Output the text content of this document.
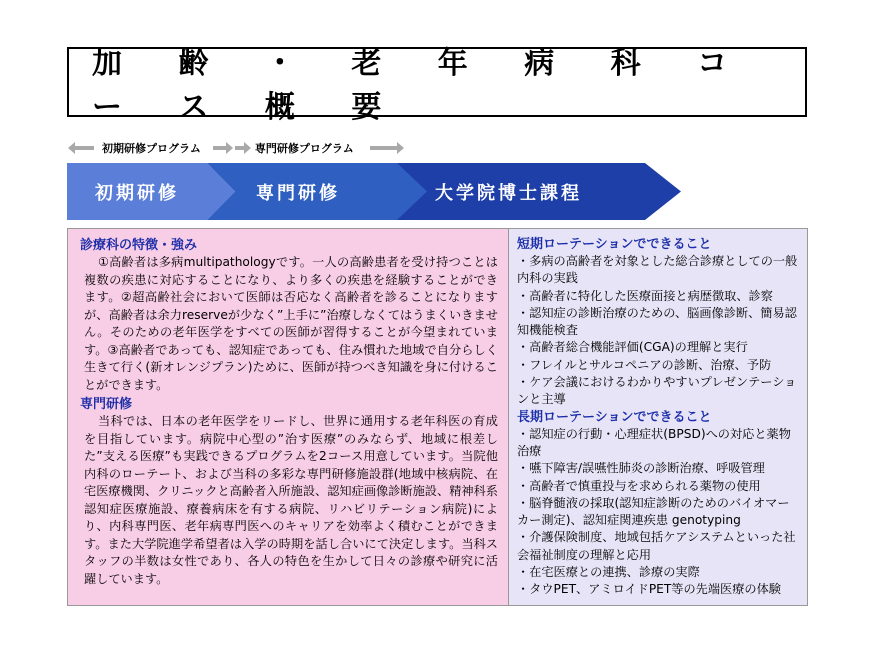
加 齢 ・ 老 年 病 科 コ ー ス 概 要
初期研修プログラム	専門研修プログラム
初期研修	専門研修	大学院博士課程
診療科の特徴・強み
①高齢者は多病multipathologyです。一人の高齢患者を受け持つことは複数の疾患に対応することになり、より多くの疾患を経験することができます。②超高齢社会において医師は否応なく高齢者を診ることになりますが、高齢者は余力reserveが少なく”上手に”治療しなくてはうまくいきません。そのための老年医学をすべての医師が習得することが今望まれています。③高齢者であっても、認知症であっても、住み慣れた地域で自分らしく生きて行く(新オレンジプラン)ために、医師が持つべき知識を身に付けることができます。
専門研修
当科では、日本の老年医学をリードし、世界に通用する老年科医の育成を目指しています。病院中心型の”治す医療”のみならず、地域に根差した”支える医療”も実践できるプログラムを2コース用意しています。当院他内科のローテート、および当科の多彩な専門研修施設群(地域中核病院、在宅医療機関、クリニックと高齢者入所施設、認知症画像診断施設、精神科系認知症医療施設、療養病床を有する病院、リハビリテーション病院)により、内科専門医、老年病専門医へのキャリアを効率よく積むことができます。また大学院進学希望者は入学の時期を話し合いにて決定します。当科スタッフの半数は女性であり、各人の特色を生かして日々の診療や研究に活躍しています。
短期ローテーションでできること
・多病の高齢者を対象とした総合診療としての一般内科の実践
・高齢者に特化した医療面接と病歴徴取、診察
・認知症の診断治療のための、脳画像診断、簡易認知機能検査
・高齢者総合機能評価(CGA)の理解と実行
・フレイルとサルコペニアの診断、治療、予防
・ケア会議におけるわかりやすいプレゼンテーションと主導
長期ローテーションでできること
・認知症の行動・心理症状(BPSD)への対応と薬物治療
・嚥下障害/誤嚥性肺炎の診断治療、呼吸管理
・高齢者で慎重投与を求められる薬物の使用
・脳脊髄液の採取(認知症診断のためのバイオマーカー測定)、認知症関連疾患 genotyping
・介護保険制度、地域包括ケアシステムといった社会福祉制度の理解と応用
・在宅医療との連携、診療の実際
・タウPET、アミロイドPET等の先端医療の体験
